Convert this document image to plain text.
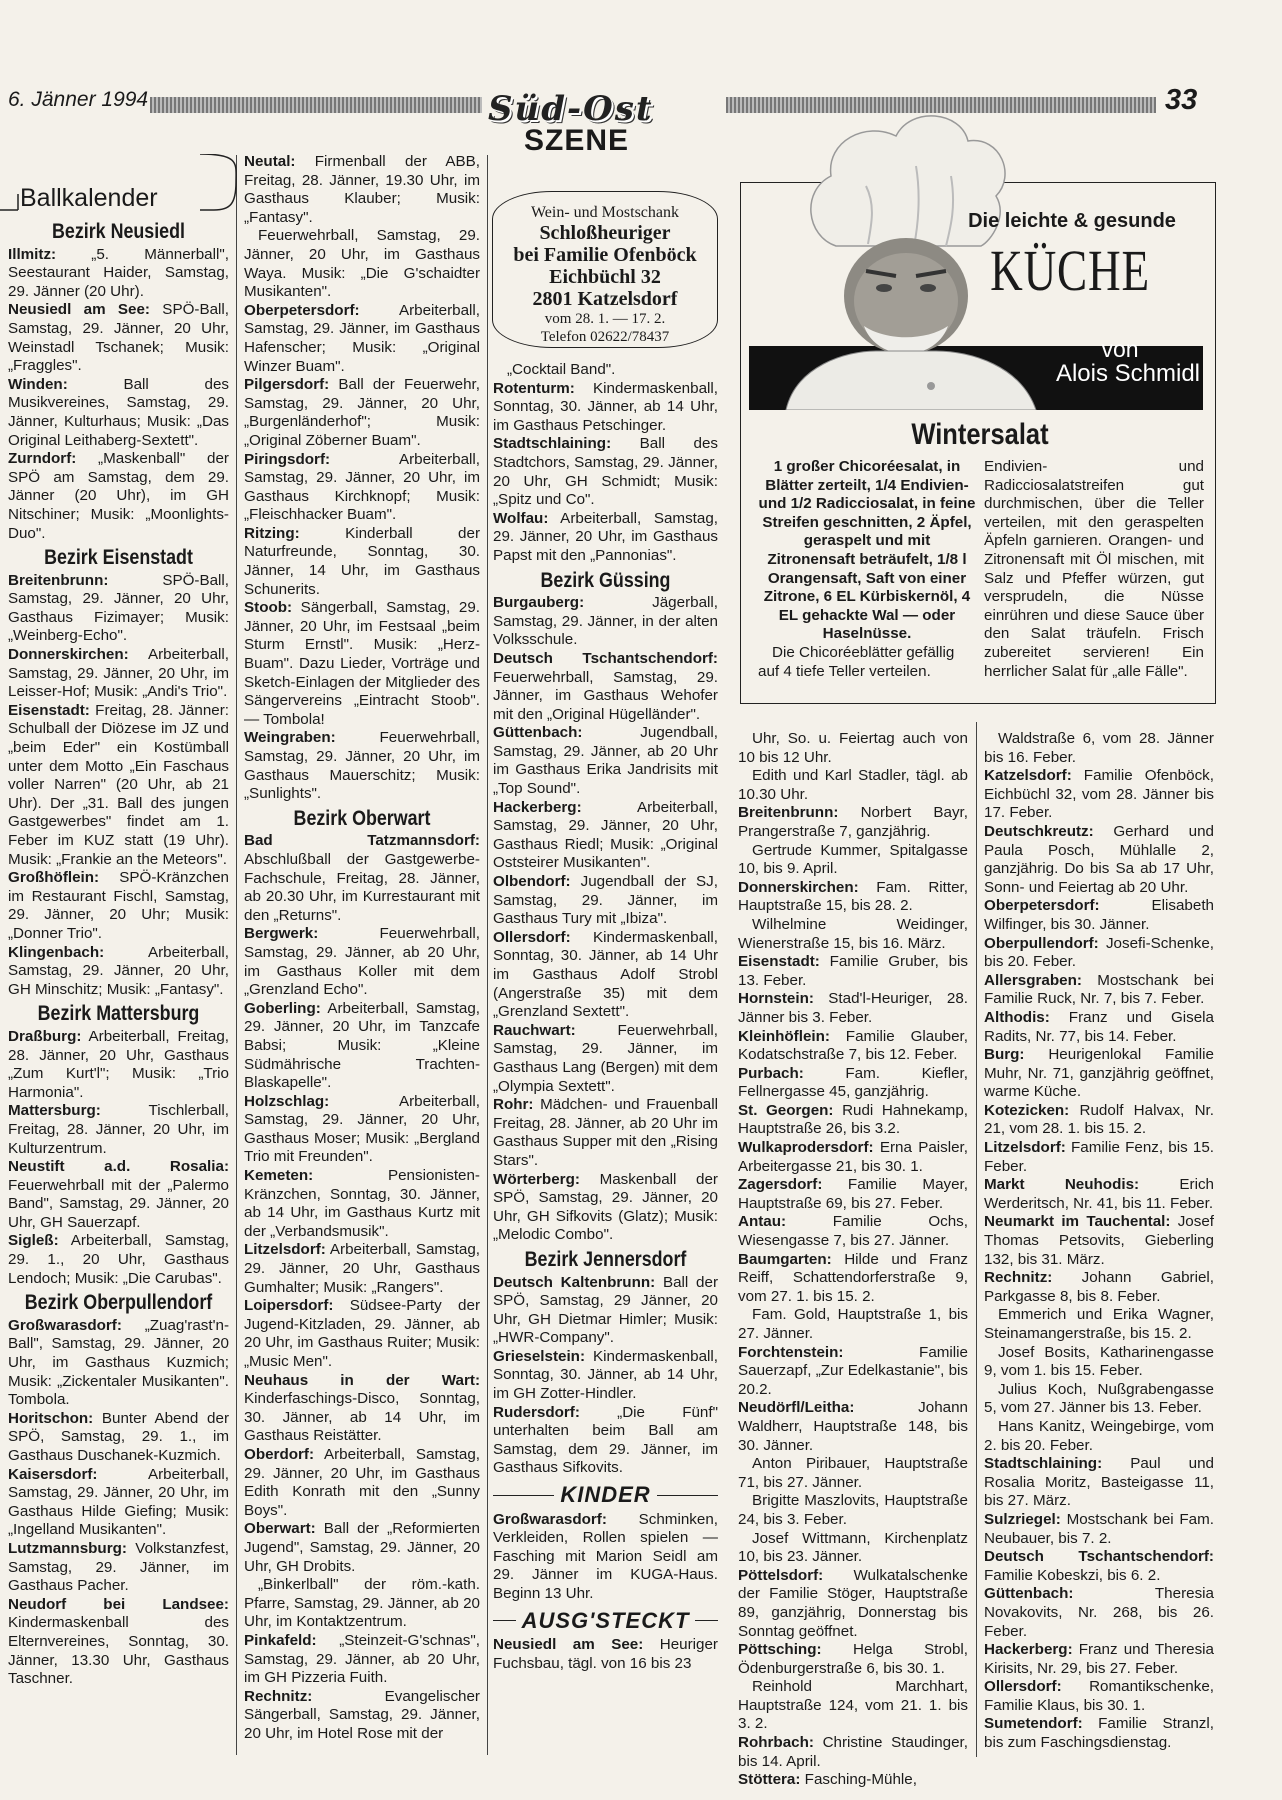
6. Jänner 1994	33
Süd-Ost
SZENE
Ballkalender
Bezirk Neusiedl

Illmitz: „5. Männerball", Seestaurant Haider, Samstag, 29. Jänner (20 Uhr).

Neusiedl am See: SPÖ-Ball, Samstag, 29. Jänner, 20 Uhr, Weinstadl Tschanek; Musik: „Fraggles".

Winden: Ball des Musikvereines, Samstag, 29. Jänner, Kulturhaus; Musik: „Das Original Leithaberg-Sextett".

Zurndorf: „Maskenball" der SPÖ am Samstag, dem 29. Jänner (20 Uhr), im GH Nitschiner; Musik: „Moonlights-Duo".

Bezirk Eisenstadt

Breitenbrunn: SPÖ-Ball, Samstag, 29. Jänner, 20 Uhr, Gasthaus Fizimayer; Musik: „Weinberg-Echo".

Donnerskirchen: Arbeiterball, Samstag, 29. Jänner, 20 Uhr, im Leisser-Hof; Musik: „Andi's Trio".

Eisenstadt: Freitag, 28. Jänner: Schulball der Diözese im JZ und „beim Eder" ein Kostümball unter dem Motto „Ein Faschaus voller Narren" (20 Uhr, ab 21 Uhr). Der „31. Ball des jungen Gastgewerbes" findet am 1. Feber im KUZ statt (19 Uhr). Musik: „Frankie an the Meteors".

Großhöflein: SPÖ-Kränzchen im Restaurant Fischl, Samstag, 29. Jänner, 20 Uhr; Musik: „Donner Trio".

Klingenbach: Arbeiterball, Samstag, 29. Jänner, 20 Uhr, GH Minschitz; Musik: „Fantasy".

Bezirk Mattersburg

Draßburg: Arbeiterball, Freitag, 28. Jänner, 20 Uhr, Gasthaus „Zum Kurt'l"; Musik: „Trio Harmonia".

Mattersburg: Tischlerball, Freitag, 28. Jänner, 20 Uhr, im Kulturzentrum.

Neustift a.d. Rosalia: Feuerwehrball mit der „Palermo Band", Samstag, 29. Jänner, 20 Uhr, GH Sauerzapf.

Sigleß: Arbeiterball, Samstag, 29. 1., 20 Uhr, Gasthaus Lendoch; Musik: „Die Carubas".

Bezirk Oberpullendorf

Großwarasdorf: „Zuag'rast'n-Ball", Samstag, 29. Jänner, 20 Uhr, im Gasthaus Kuzmich; Musik: „Zickentaler Musikanten". Tombola.

Horitschon: Bunter Abend der SPÖ, Samstag, 29. 1., im Gasthaus Duschanek-Kuzmich.

Kaisersdorf: Arbeiterball, Samstag, 29. Jänner, 20 Uhr, im Gasthaus Hilde Giefing; Musik: „Ingelland Musikanten".

Lutzmannsburg: Volkstanzfest, Samstag, 29. Jänner, im Gasthaus Pacher.

Neudorf bei Landsee: Kindermaskenball des Elternvereines, Sonntag, 30. Jänner, 13.30 Uhr, Gasthaus Taschner.

Neutal: Firmenball der ABB, Freitag, 28. Jänner, 19.30 Uhr, im Gasthaus Klauber; Musik: „Fantasy".

Feuerwehrball, Samstag, 29. Jänner, 20 Uhr, im Gasthaus Waya. Musik: „Die G'schaidter Musikanten".

Oberpetersdorf: Arbeiterball, Samstag, 29. Jänner, im Gasthaus Hafenscher; Musik: „Original Winzer Buam".

Pilgersdorf: Ball der Feuerwehr, Samstag, 29. Jänner, 20 Uhr, „Burgenländerhof"; Musik: „Original Zöberner Buam".

Piringsdorf: Arbeiterball, Samstag, 29. Jänner, 20 Uhr, im Gasthaus Kirchknopf; Musik: „Fleischhacker Buam".

Ritzing: Kinderball der Naturfreunde, Sonntag, 30. Jänner, 14 Uhr, im Gasthaus Schunerits.

Stoob: Sängerball, Samstag, 29. Jänner, 20 Uhr, im Festsaal „beim Sturm Ernstl". Musik: „Herz-Buam". Dazu Lieder, Vorträge und Sketch-Einlagen der Mitglieder des Sängervereins „Eintracht Stoob". — Tombola!

Weingraben: Feuerwehrball, Samstag, 29. Jänner, 20 Uhr, im Gasthaus Mauerschitz; Musik: „Sunlights".

Bezirk Oberwart

Bad Tatzmannsdorf: Abschlußball der Gastgewerbe-Fachschule, Freitag, 28. Jänner, ab 20.30 Uhr, im Kurrestaurant mit den „Returns".

Bergwerk: Feuerwehrball, Samstag, 29. Jänner, ab 20 Uhr, im Gasthaus Koller mit dem „Grenzland Echo".

Goberling: Arbeiterball, Samstag, 29. Jänner, 20 Uhr, im Tanzcafe Babsi; Musik: „Kleine Südmährische Trachten-Blaskapelle".

Holzschlag: Arbeiterball, Samstag, 29. Jänner, 20 Uhr, Gasthaus Moser; Musik: „Bergland Trio mit Freunden".

Kemeten: Pensionisten-Kränzchen, Sonntag, 30. Jänner, ab 14 Uhr, im Gasthaus Kurtz mit der „Verbandsmusik".

Litzelsdorf: Arbeiterball, Samstag, 29. Jänner, 20 Uhr, Gasthaus Gumhalter; Musik: „Rangers".

Loipersdorf: Südsee-Party der Jugend-Kitzladen, 29. Jänner, ab 20 Uhr, im Gasthaus Ruiter; Musik: „Music Men".

Neuhaus in der Wart: Kinderfaschings-Disco, Sonntag, 30. Jänner, ab 14 Uhr, im Gasthaus Reistätter.

Oberdorf: Arbeiterball, Samstag, 29. Jänner, 20 Uhr, im Gasthaus Edith Konrath mit den „Sunny Boys".

Oberwart: Ball der „Reformierten Jugend", Samstag, 29. Jänner, 20 Uhr, GH Drobits.

„Binkerlball" der röm.-kath. Pfarre, Samstag, 29. Jänner, ab 20 Uhr, im Kontaktzentrum.

Pinkafeld: „Steinzeit-G'schnas", Samstag, 29. Jänner, ab 20 Uhr, im GH Pizzeria Fuith.

Rechnitz: Evangelischer Sängerball, Samstag, 29. Jänner, 20 Uhr, im Hotel Rose mit der

Wein- und Mostschank
Schloßheuriger
bei Familie Ofenböck
Eichbüchl 32
2801 Katzelsdorf
vom 28. 1. — 17. 2.
Telefon 02622/78437

„Cocktail Band".

Rotenturm: Kindermaskenball, Sonntag, 30. Jänner, ab 14 Uhr, im Gasthaus Petschinger.

Stadtschlaining: Ball des Stadtchors, Samstag, 29. Jänner, 20 Uhr, GH Schmidt; Musik: „Spitz und Co".

Wolfau: Arbeiterball, Samstag, 29. Jänner, 20 Uhr, im Gasthaus Papst mit den „Pannonias".

Bezirk Güssing

Burgauberg: Jägerball, Samstag, 29. Jänner, in der alten Volksschule.

Deutsch Tschantschendorf: Feuerwehrball, Samstag, 29. Jänner, im Gasthaus Wehofer mit den „Original Hügelländer".

Güttenbach: Jugendball, Samstag, 29. Jänner, ab 20 Uhr im Gasthaus Erika Jandrisits mit „Top Sound".

Hackerberg: Arbeiterball, Samstag, 29. Jänner, 20 Uhr, Gasthaus Riedl; Musik: „Original Oststeirer Musikanten".

Olbendorf: Jugendball der SJ, Samstag, 29. Jänner, im Gasthaus Tury mit „Ibiza".

Ollersdorf: Kindermaskenball, Sonntag, 30. Jänner, ab 14 Uhr im Gasthaus Adolf Strobl (Angerstraße 35) mit dem „Grenzland Sextett".

Rauchwart: Feuerwehrball, Samstag, 29. Jänner, im Gasthaus Lang (Bergen) mit dem „Olympia Sextett".

Rohr: Mädchen- und Frauenball Freitag, 28. Jänner, ab 20 Uhr im Gasthaus Supper mit den „Rising Stars".

Wörterberg: Maskenball der SPÖ, Samstag, 29. Jänner, 20 Uhr, GH Sifkovits (Glatz); Musik: „Melodic Combo".

Bezirk Jennersdorf

Deutsch Kaltenbrunn: Ball der SPÖ, Samstag, 29 Jänner, 20 Uhr, GH Dietmar Himler; Musik: „HWR-Company".

Grieselstein: Kindermaskenball, Sonntag, 30. Jänner, ab 14 Uhr, im GH Zotter-Hindler.

Rudersdorf: „Die Fünf" unterhalten beim Ball am Samstag, dem 29. Jänner, im Gasthaus Sifkovits.

KINDER

Großwarasdorf: Schminken, Verkleiden, Rollen spielen — Fasching mit Marion Seidl am 29. Jänner im KUGA-Haus. Beginn 13 Uhr.

AUSG'STECKT

Neusiedl am See: Heuriger Fuchsbau, tägl. von 16 bis 23

Die leichte & gesunde
KÜCHE
von
Alois Schmidl
Wintersalat
1 großer Chicoréesalat, in Blätter zerteilt, 1/4 Endivien- und 1/2 Radicciosalat, in feine Streifen geschnitten, 2 Äpfel, geraspelt und mit Zitronensaft beträufelt, 1/8 l Orangensaft, Saft von einer Zitrone, 6 EL Kürbiskernöl, 4 EL gehackte Wal — oder Haselnüsse.
Die Chicoréeblätter gefällig auf 4 tiefe Teller verteilen.
Endivien- und Radicciosalatstreifen gut durchmischen, über die Teller verteilen, mit den geraspelten Äpfeln garnieren. Orangen- und Zitronensaft mit Öl mischen, mit Salz und Pfeffer würzen, gut versprudeln, die Nüsse einrühren und diese Sauce über den Salat träufeln. Frisch zubereitet servieren! Ein herrlicher Salat für „alle Fälle".

Uhr, So. u. Feiertag auch von 10 bis 12 Uhr.

Edith und Karl Stadler, tägl. ab 10.30 Uhr.

Breitenbrunn: Norbert Bayr, Prangerstraße 7, ganzjährig.

Gertrude Kummer, Spitalgasse 10, bis 9. April.

Donnerskirchen: Fam. Ritter, Hauptstraße 15, bis 28. 2.

Wilhelmine Weidinger, Wienerstraße 15, bis 16. März.

Eisenstadt: Familie Gruber, bis 13. Feber.

Hornstein: Stad'l-Heuriger, 28. Jänner bis 3. Feber.

Kleinhöflein: Familie Glauber, Kodatschstraße 7, bis 12. Feber.

Purbach: Fam. Kiefler, Fellnergasse 45, ganzjährig.

St. Georgen: Rudi Hahnekamp, Hauptstraße 26, bis 3.2.

Wulkaprodersdorf: Erna Paisler, Arbeitergasse 21, bis 30. 1.

Zagersdorf: Familie Mayer, Hauptstraße 69, bis 27. Feber.

Antau: Familie Ochs, Wiesengasse 7, bis 27. Jänner.

Baumgarten: Hilde und Franz Reiff, Schattendorferstraße 9, vom 27. 1. bis 15. 2.

Fam. Gold, Hauptstraße 1, bis 27. Jänner.

Forchtenstein: Familie Sauerzapf, „Zur Edelkastanie", bis 20.2.

Neudörfl/Leitha: Johann Waldherr, Hauptstraße 148, bis 30. Jänner.

Anton Piribauer, Hauptstraße 71, bis 27. Jänner.

Brigitte Maszlovits, Hauptstraße 24, bis 3. Feber.

Josef Wittmann, Kirchenplatz 10, bis 23. Jänner.

Pöttelsdorf: Wulkatalschenke der Familie Stöger, Hauptstraße 89, ganzjährig, Donnerstag bis Sonntag geöffnet.

Pöttsching: Helga Strobl, Ödenburgerstraße 6, bis 30. 1.

Reinhold Marchhart, Hauptstraße 124, vom 21. 1. bis 3. 2.

Rohrbach: Christine Staudinger, bis 14. April.

Stöttera: Fasching-Mühle,

Waldstraße 6, vom 28. Jänner bis 16. Feber.

Katzelsdorf: Familie Ofenböck, Eichbüchl 32, vom 28. Jänner bis 17. Feber.

Deutschkreutz: Gerhard und Paula Posch, Mühlalle 2, ganzjährig. Do bis Sa ab 17 Uhr, Sonn- und Feiertag ab 20 Uhr.

Oberpetersdorf: Elisabeth Wilfinger, bis 30. Jänner.

Oberpullendorf: Josefi-Schenke, bis 20. Feber.

Allersgraben: Mostschank bei Familie Ruck, Nr. 7, bis 7. Feber.

Althodis: Franz und Gisela Radits, Nr. 77, bis 14. Feber.

Burg: Heurigenlokal Familie Muhr, Nr. 71, ganzjährig geöffnet, warme Küche.

Kotezicken: Rudolf Halvax, Nr. 21, vom 28. 1. bis 15. 2.

Litzelsdorf: Familie Fenz, bis 15. Feber.

Markt Neuhodis: Erich Werderitsch, Nr. 41, bis 11. Feber.

Neumarkt im Tauchental: Josef Thomas Petsovits, Gieberling 132, bis 31. März.

Rechnitz: Johann Gabriel, Parkgasse 8, bis 8. Feber.

Emmerich und Erika Wagner, Steinamangerstraße, bis 15. 2.

Josef Bosits, Katharinengasse 9, vom 1. bis 15. Feber.

Julius Koch, Nußgrabengasse 5, vom 27. Jänner bis 13. Feber.

Hans Kanitz, Weingebirge, vom 2. bis 20. Feber.

Stadtschlaining: Paul und Rosalia Moritz, Basteigasse 11, bis 27. März.

Sulzriegel: Mostschank bei Fam. Neubauer, bis 7. 2.

Deutsch Tschantschendorf: Familie Kobeskzi, bis 6. 2.

Güttenbach: Theresia Novakovits, Nr. 268, bis 26. Feber.

Hackerberg: Franz und Theresia Kirisits, Nr. 29, bis 27. Feber.

Ollersdorf: Romantikschenke, Familie Klaus, bis 30. 1.

Sumetendorf: Familie Stranzl, bis zum Faschingsdienstag.
